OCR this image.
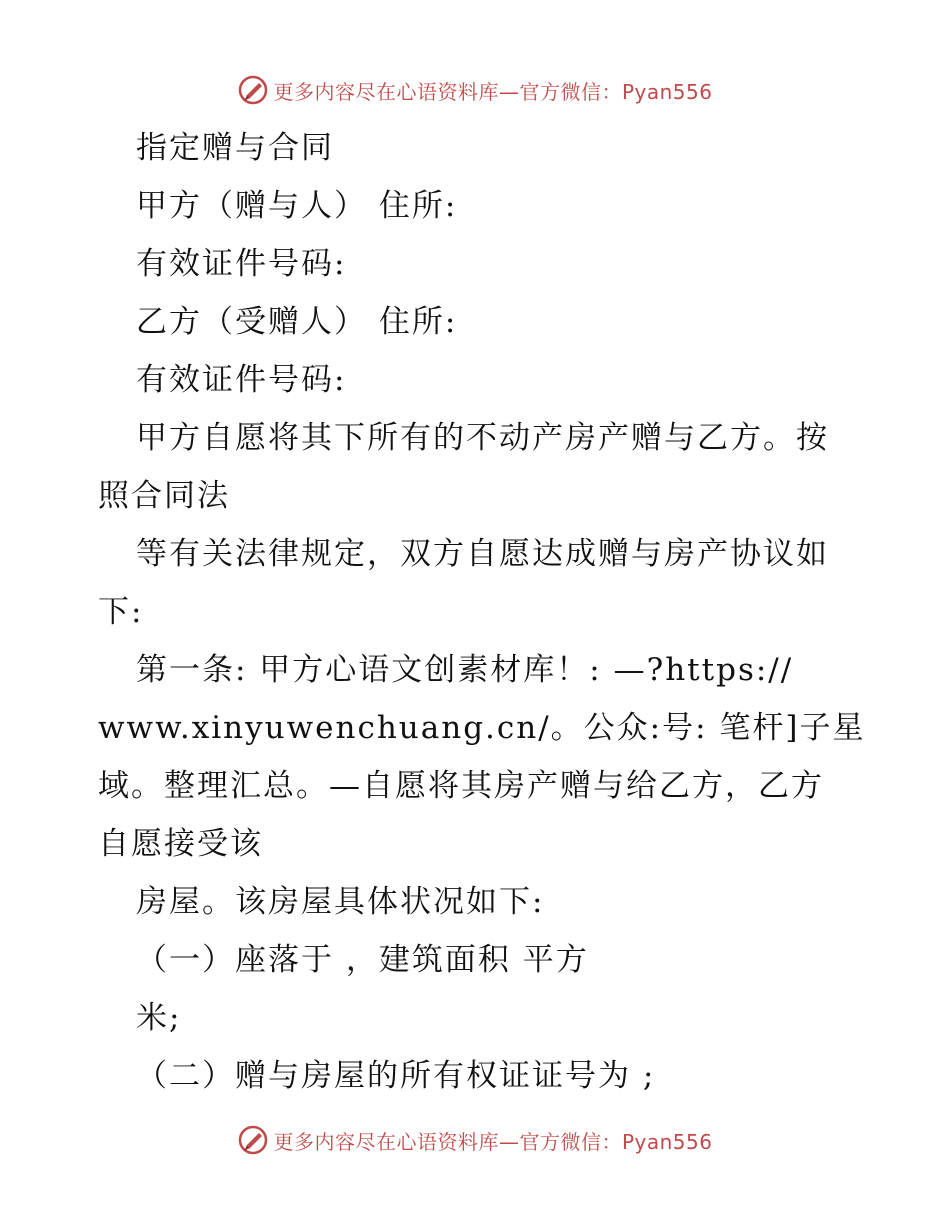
更多内容尽在心语资料库—官方微信：Pyan556
指定赠与合同
甲方（赠与人） 住所:
有效证件号码:
乙方（受赠人） 住所:
有效证件号码:
甲方自愿将其下所有的不动产房产赠与乙方。按
照合同法
等有关法律规定，双方自愿达成赠与房产协议如
下:
第一条: 甲方心语文创素材库！: —?https://
www.xinyuwenchuang.cn/。公众:号: 笔杆]子星
域。整理汇总。—自愿将其房产赠与给乙方，乙方
自愿接受该
房屋。该房屋具体状况如下:
（一）座落于 ，建筑面积 平方
米;
（二）赠与房屋的所有权证证号为 ;
更多内容尽在心语资料库—官方微信：Pyan556
